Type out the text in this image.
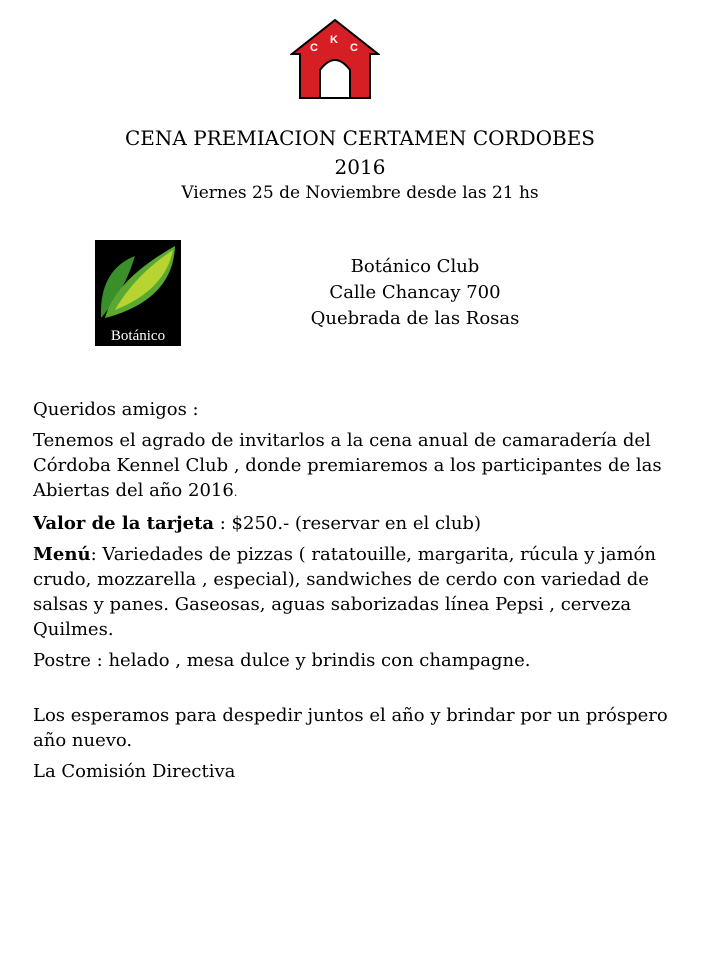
C
K
C
CENA PREMIACION CERTAMEN CORDOBES
2016
Viernes 25 de Noviembre desde las 21 hs
Botánico
Botánico Club
Calle Chancay 700
Quebrada de las Rosas

Queridos amigos :

Tenemos el agrado de invitarlos a la cena anual de camaradería del Córdoba Kennel Club , donde premiaremos a los participantes de las Abiertas del año 2016.

Valor de la tarjeta : $250.- (reservar en el club)

Menú: Variedades de pizzas ( ratatouille, margarita, rúcula y jamón crudo, mozzarella , especial), sandwiches de cerdo con variedad de salsas y panes. Gaseosas, aguas saborizadas línea Pepsi , cerveza Quilmes.

Postre : helado , mesa dulce y brindis con champagne.

Los esperamos para despedir juntos el año y brindar por un próspero año nuevo.

La Comisión Directiva
